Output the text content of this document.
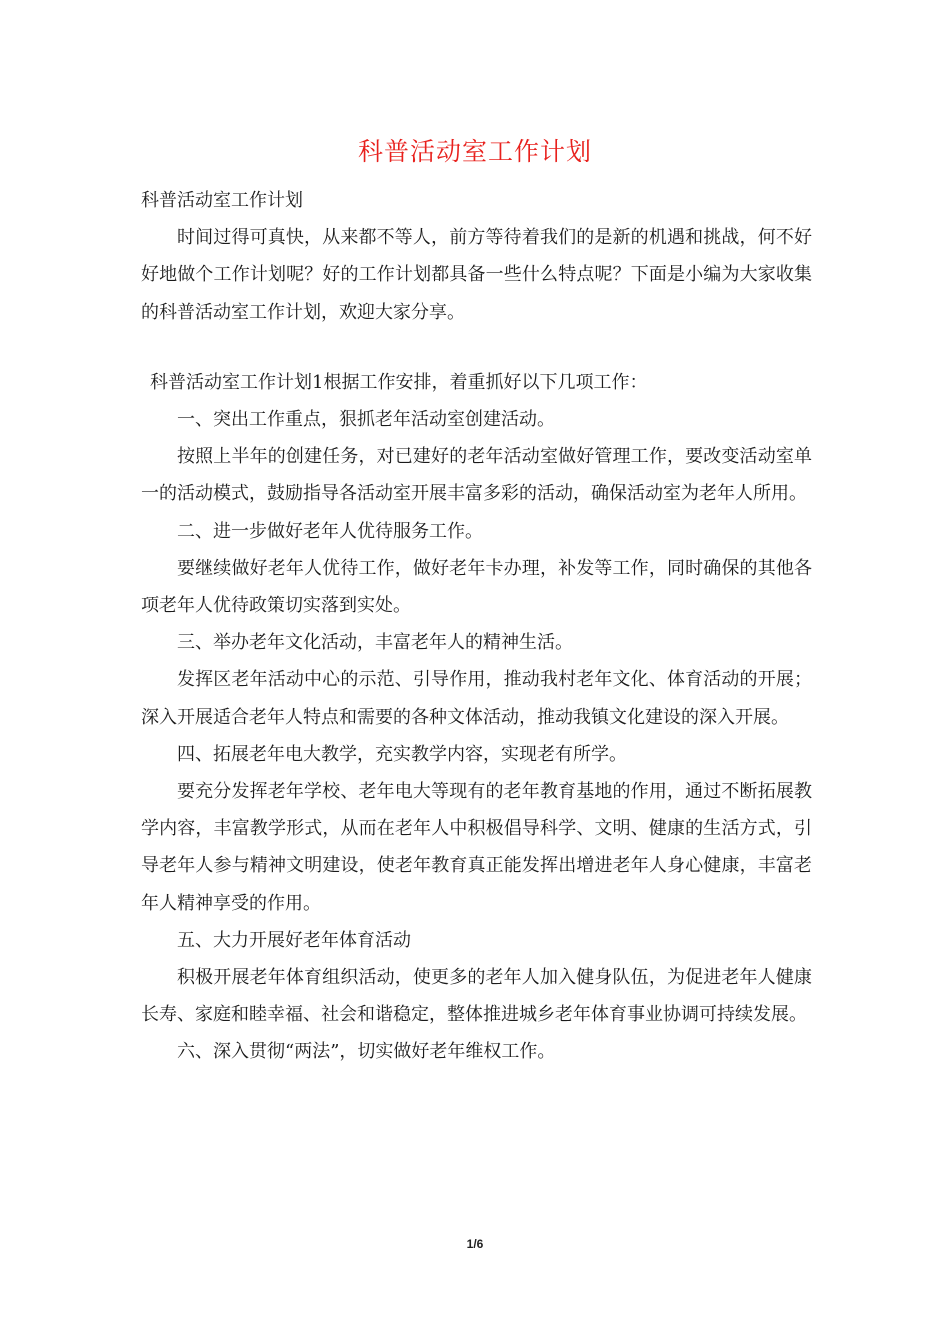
科普活动室工作计划

科普活动室工作计划

时间过得可真快，从来都不等人，前方等待着我们的是新的机遇和挑战，何不好好地做个工作计划呢？好的工作计划都具备一些什么特点呢？下面是小编为大家收集的科普活动室工作计划，欢迎大家分享。

科普活动室工作计划1根据工作安排，着重抓好以下几项工作：

一、突出工作重点，狠抓老年活动室创建活动。

按照上半年的创建任务，对已建好的老年活动室做好管理工作，要改变活动室单一的活动模式，鼓励指导各活动室开展丰富多彩的活动，确保活动室为老年人所用。

二、进一步做好老年人优待服务工作。

要继续做好老年人优待工作，做好老年卡办理，补发等工作，同时确保的其他各项老年人优待政策切实落到实处。

三、举办老年文化活动，丰富老年人的精神生活。

发挥区老年活动中心的示范、引导作用，推动我村老年文化、体育活动的开展；深入开展适合老年人特点和需要的各种文体活动，推动我镇文化建设的深入开展。

四、拓展老年电大教学，充实教学内容，实现老有所学。

要充分发挥老年学校、老年电大等现有的老年教育基地的作用，通过不断拓展教学内容，丰富教学形式，从而在老年人中积极倡导科学、文明、健康的生活方式，引导老年人参与精神文明建设，使老年教育真正能发挥出增进老年人身心健康，丰富老年人精神享受的作用。

五、大力开展好老年体育活动

积极开展老年体育组织活动，使更多的老年人加入健身队伍，为促进老年人健康长寿、家庭和睦幸福、社会和谐稳定，整体推进城乡老年体育事业协调可持续发展。

六、深入贯彻“两法”，切实做好老年维权工作。

1/6
